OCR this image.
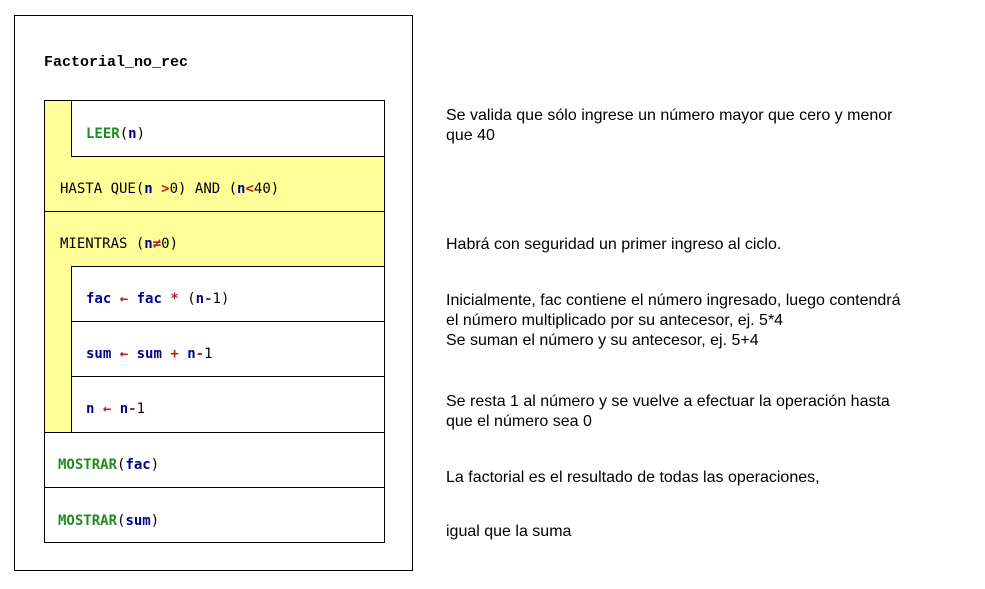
Factorial_no_rec
LEER(n)
HASTA QUE(n >0) AND (n<40)
MIENTRAS (n≠0)
fac ← fac * (n-1)
sum ← sum + n-1
n ← n-1
MOSTRAR(fac)
MOSTRAR(sum)
Se valida que sólo ingrese un número mayor que cero y menor
que 40
Habrá con seguridad un primer ingreso al ciclo.
Inicialmente, fac contiene el número ingresado, luego contendrá
el número multiplicado por su antecesor, ej. 5*4
Se suman el número y su antecesor, ej. 5+4
Se resta 1 al número y se vuelve a efectuar la operación hasta
que el número sea 0
La factorial es el resultado de todas las operaciones,
igual que la suma
